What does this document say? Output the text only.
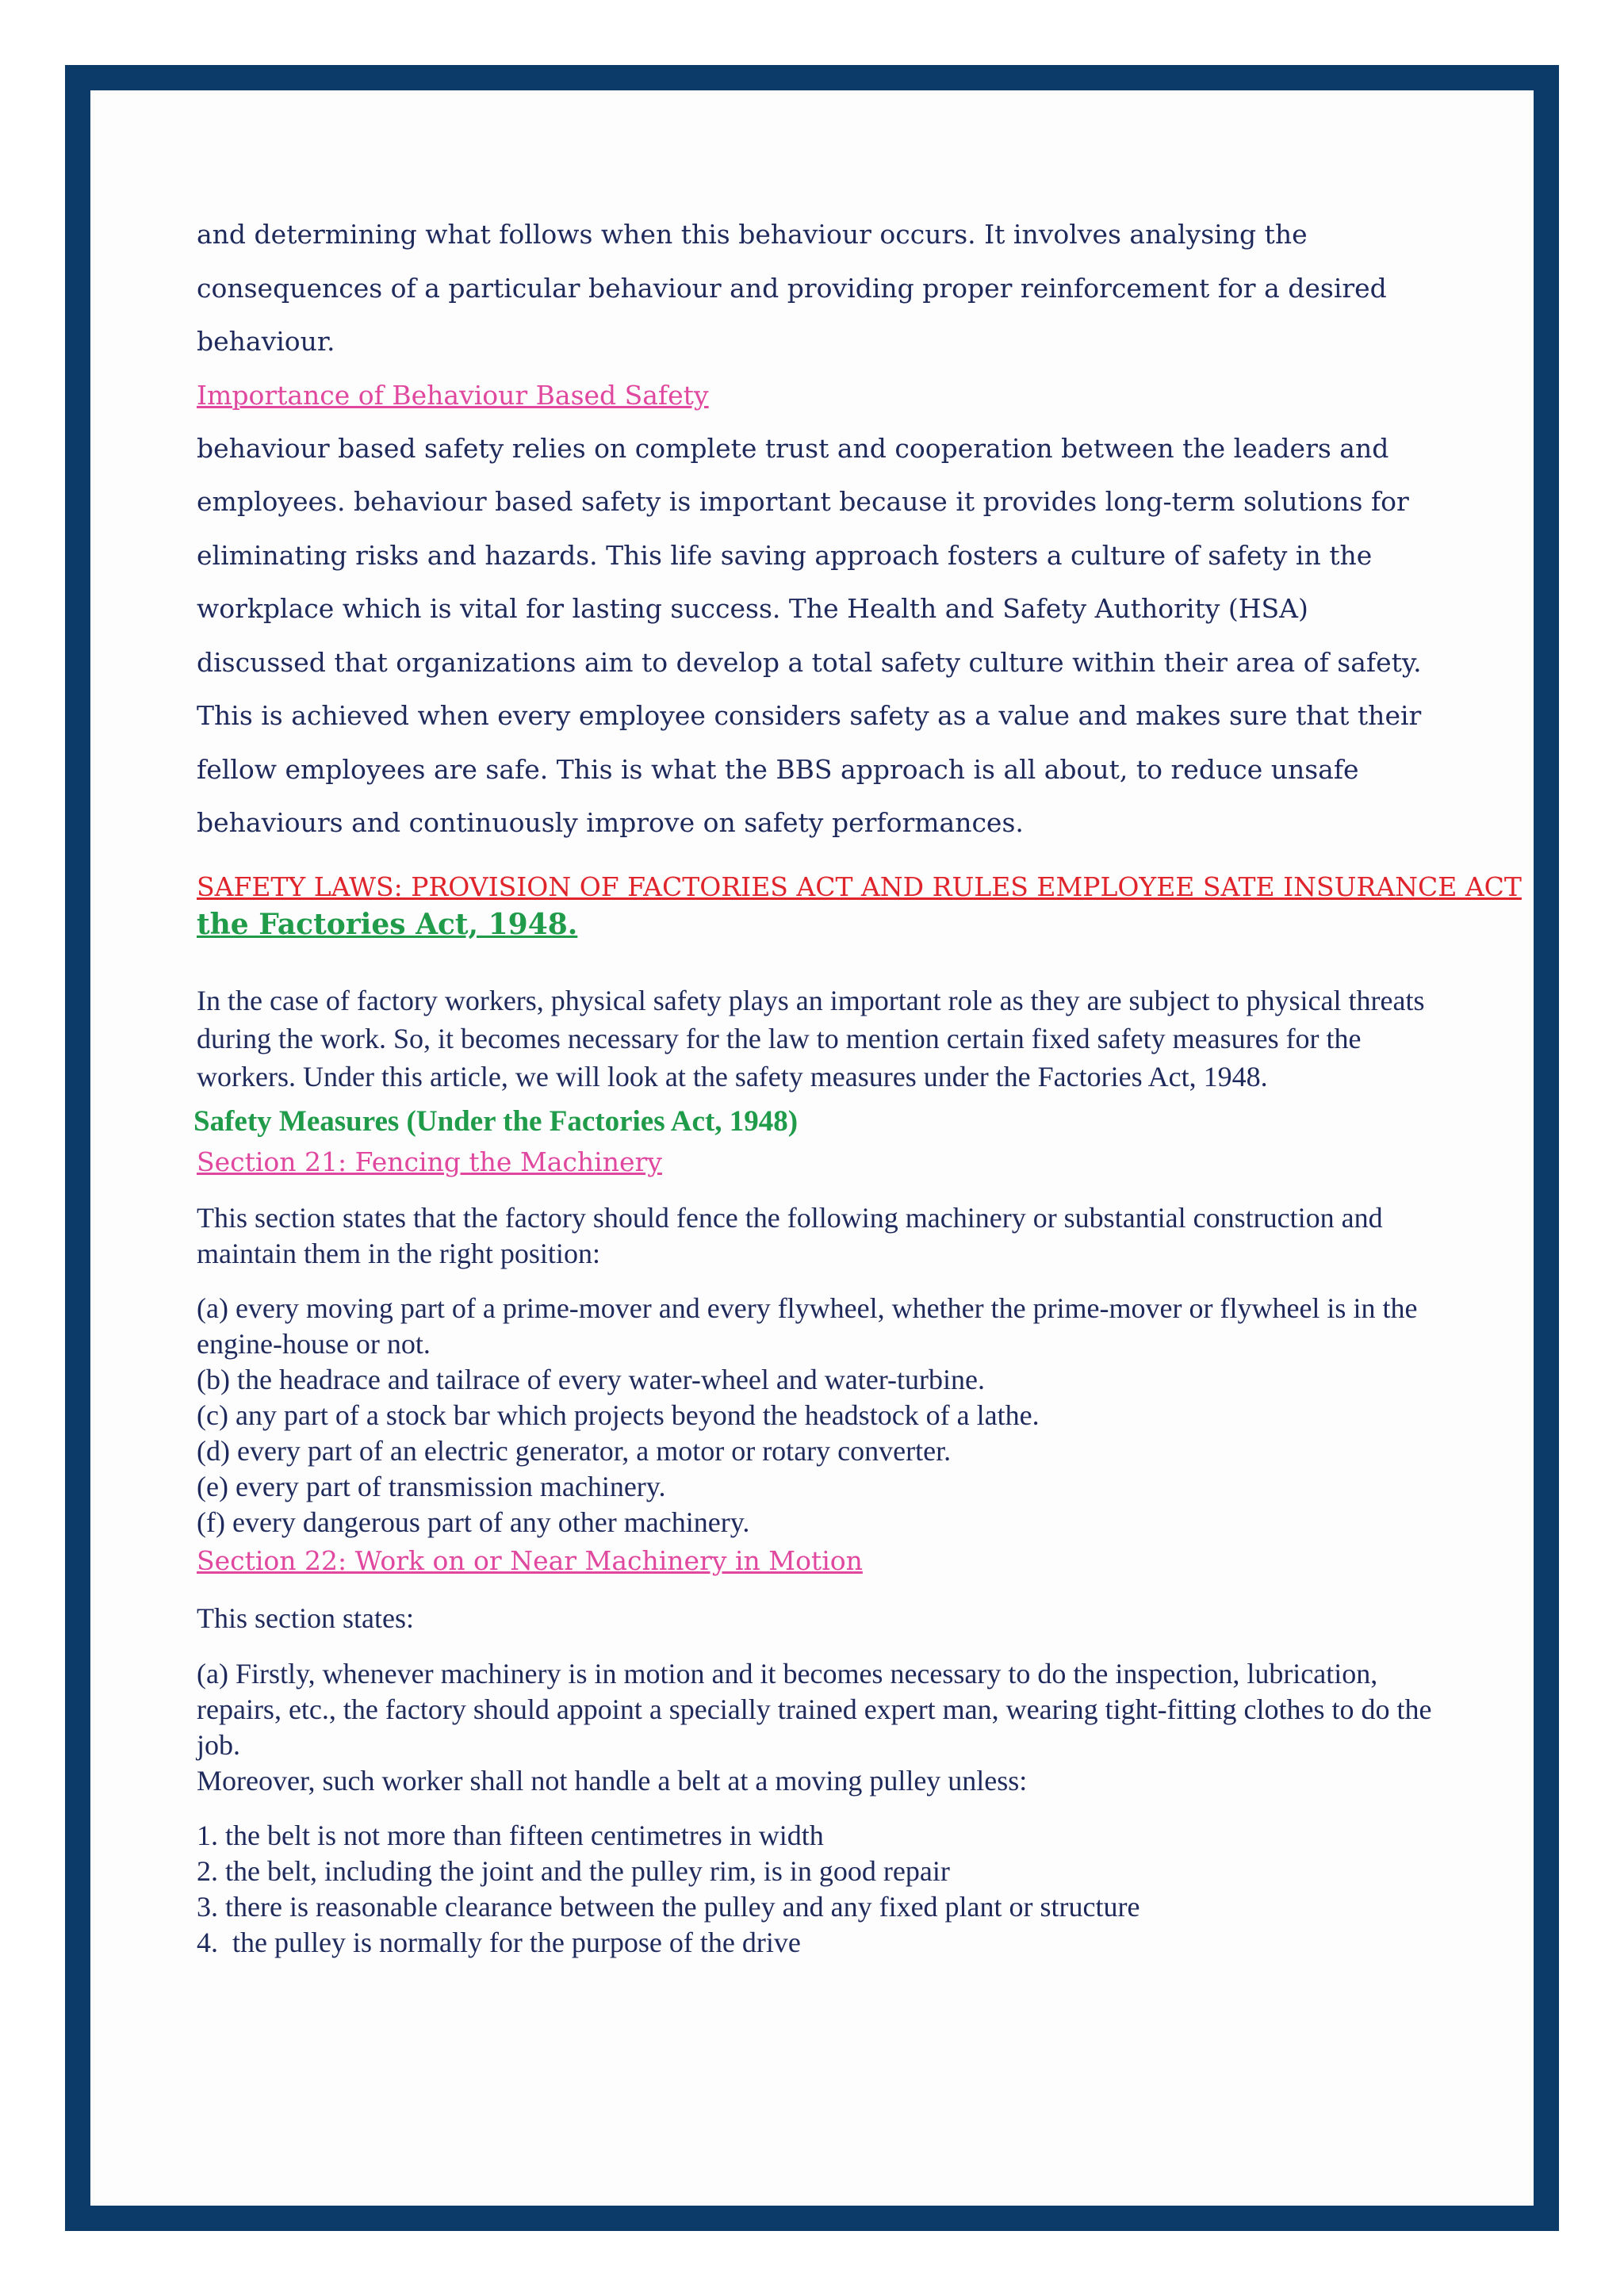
and determining what follows when this behaviour occurs. It involves analysing the consequences of a particular behaviour and providing proper reinforcement for a desired behaviour.

Importance of Behaviour Based Safety

behaviour based safety relies on complete trust and cooperation between the leaders and employees. behaviour based safety is important because it provides long-term solutions for eliminating risks and hazards. This life saving approach fosters a culture of safety in the workplace which is vital for lasting success. The Health and Safety Authority (HSA) discussed that organizations aim to develop a total safety culture within their area of safety. This is achieved when every employee considers safety as a value and makes sure that their fellow employees are safe. This is what the BBS approach is all about, to reduce unsafe behaviours and continuously improve on safety performances.

SAFETY LAWS: PROVISION OF FACTORIES ACT AND RULES EMPLOYEE SATE INSURANCE ACT

the Factories Act, 1948.

In the case of factory workers, physical safety plays an important role as they are subject to physical threats during the work. So, it becomes necessary for the law to mention certain fixed safety measures for the workers. Under this article, we will look at the safety measures under the Factories Act, 1948.

Safety Measures (Under the Factories Act, 1948)

Section 21: Fencing the Machinery

This section states that the factory should fence the following machinery or substantial construction and maintain them in the right position:

(a) every moving part of a prime-mover and every flywheel, whether the prime-mover or flywheel is in the engine-house or not.

(b) the headrace and tailrace of every water-wheel and water-turbine.

(c) any part of a stock bar which projects beyond the headstock of a lathe.

(d) every part of an electric generator, a motor or rotary converter.

(e) every part of transmission machinery.

(f) every dangerous part of any other machinery.

Section 22: Work on or Near Machinery in Motion

This section states:

(a) Firstly, whenever machinery is in motion and it becomes necessary to do the inspection, lubrication, repairs, etc., the factory should appoint a specially trained expert man, wearing tight-fitting clothes to do the job.

Moreover, such worker shall not handle a belt at a moving pulley unless:

1. the belt is not more than fifteen centimetres in width

2. the belt, including the joint and the pulley rim, is in good repair

3. there is reasonable clearance between the pulley and any fixed plant or structure

4.  the pulley is normally for the purpose of the drive
